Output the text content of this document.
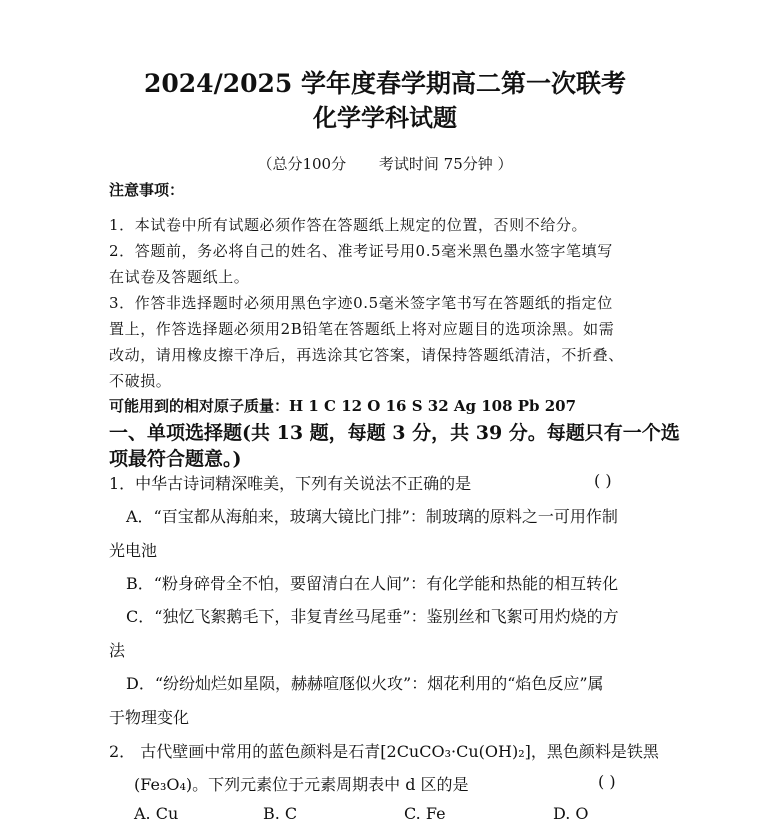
2024/2025 学年度春学期高二第一次联考
化学学科试题
（总分100分 考试时间 75分钟 ）
注意事项：
1．本试卷中所有试题必须作答在答题纸上规定的位置，否则不给分。
2．答题前，务必将自己的姓名、准考证号用0.5毫米黑色墨水签字笔填写
在试卷及答题纸上。
3．作答非选择题时必须用黑色字迹0.5毫米签字笔书写在答题纸的指定位
置上，作答选择题必须用2B铅笔在答题纸上将对应题目的选项涂黑。如需
改动，请用橡皮擦干净后，再选涂其它答案，请保持答题纸清洁，不折叠、
不破损。
可能用到的相对原子质量：H 1 C 12 O 16 S 32 Ag 108 Pb 207
一、单项选择题(共 13 题，每题 3 分，共 39 分。每题只有一个选
项最符合题意。)
1．中华古诗词精深唯美，下列有关说法不正确的是	( )
A．“百宝都从海舶来，玻璃大镜比门排”：制玻璃的原料之一可用作制
光电池
B．“粉身碎骨全不怕，要留清白在人间”：有化学能和热能的相互转化
C．“独忆飞絮鹅毛下，非复青丝马尾垂”：鉴别丝和飞絮可用灼烧的方
法
D．“纷纷灿烂如星陨，赫赫喧豗似火攻”：烟花利用的“焰色反应”属
于物理变化
2． 古代壁画中常用的蓝色颜料是石青[2CuCO₃·Cu(OH)₂]，黑色颜料是铁黑
(Fe₃O₄)。下列元素位于元素周期表中 d 区的是	( )
A. Cu	B. C	C. Fe	D. O
